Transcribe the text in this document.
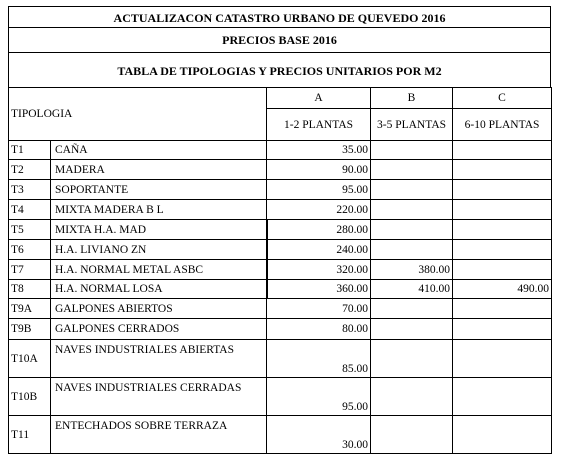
ACTUALIZACON CATASTRO URBANO DE QUEVEDO 2016
PRECIOS BASE 2016
TABLA DE TIPOLOGIAS Y PRECIOS UNITARIOS POR M2
TIPOLOGIA		A	B	C
		1-2 PLANTAS	3-5 PLANTAS	6-10 PLANTAS
T1	CAÑA	35.00		
T2	MADERA	90.00		
T3	SOPORTANTE	95.00		
T4	MIXTA MADERA B L	220.00		
T5	MIXTA H.A. MAD	280.00		
T6	H.A. LIVIANO ZN	240.00		
T7	H.A. NORMAL METAL ASBC	320.00	380.00	
T8	H.A. NORMAL LOSA	360.00	410.00	490.00
T9A	GALPONES ABIERTOS	70.00		
T9B	GALPONES CERRADOS	80.00		
T10A	NAVES INDUSTRIALES ABIERTAS	85.00		
T10B	NAVES INDUSTRIALES CERRADAS	95.00		
T11	ENTECHADOS SOBRE TERRAZA	30.00		
